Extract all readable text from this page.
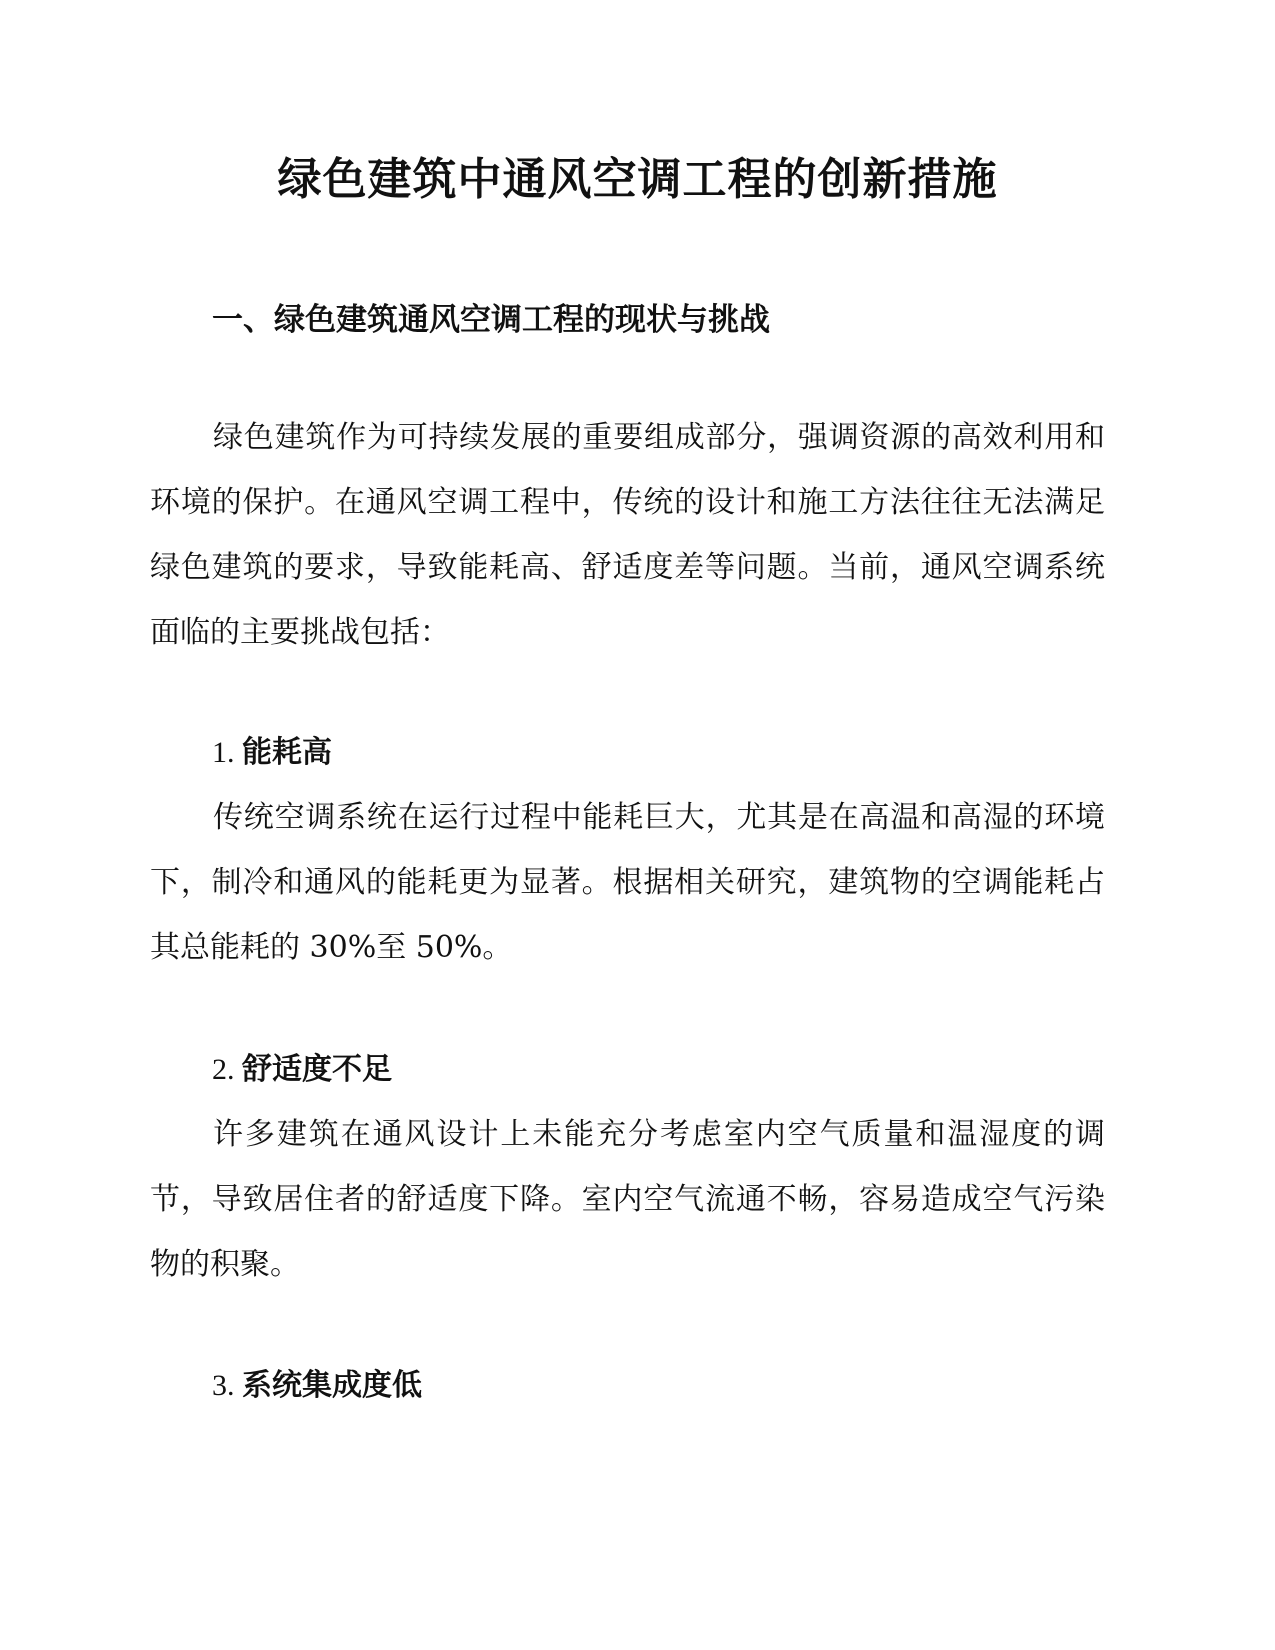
绿色建筑中通风空调工程的创新措施
一、绿色建筑通风空调工程的现状与挑战

绿色建筑作为可持续发展的重要组成部分，强调资源的高效利用和环境的保护。在通风空调工程中，传统的设计和施工方法往往无法满足绿色建筑的要求，导致能耗高、舒适度差等问题。当前，通风空调系统面临的主要挑战包括：

1. 能耗高

传统空调系统在运行过程中能耗巨大，尤其是在高温和高湿的环境下，制冷和通风的能耗更为显著。根据相关研究，建筑物的空调能耗占其总能耗的 30%至 50%。

2. 舒适度不足

许多建筑在通风设计上未能充分考虑室内空气质量和温湿度的调节，导致居住者的舒适度下降。室内空气流通不畅，容易造成空气污染物的积聚。

3. 系统集成度低
